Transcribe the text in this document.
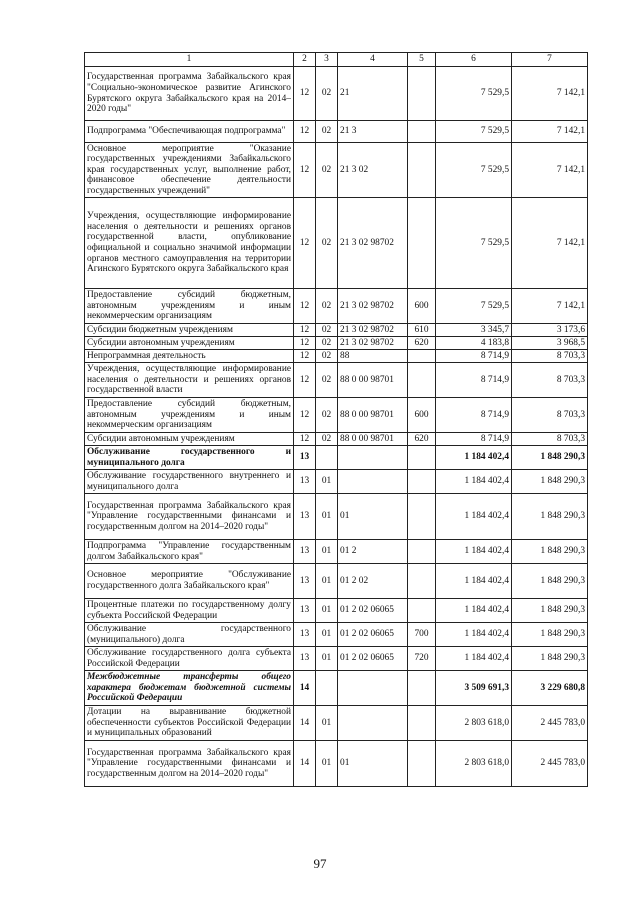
1	2	3	4	5	6	7
Государственная программа Забайкальского края "Социально-экономическое развитие Агинского Бурятского округа Забайкальского края на 2014–2020 годы"	12	02	21		7 529,5	7 142,1
Подпрограмма "Обеспечивающая подпрограмма"	12	02	21 3		7 529,5	7 142,1
Основное мероприятие "Оказание государственных учреждениями Забайкальского края государственных услуг, выполнение работ, финансовое обеспечение деятельности государственных учреждений"	12	02	21 3 02		7 529,5	7 142,1
Учреждения, осуществляющие информирование населения о деятельности и решениях органов государственной власти, опубликование официальной и социально значимой информации органов местного самоуправления на территории Агинского Бурятского округа Забайкальского края	12	02	21 3 02 98702		7 529,5	7 142,1
Предоставление субсидий бюджетным, автономным учреждениям и иным некоммерческим организациям	12	02	21 3 02 98702	600	7 529,5	7 142,1
Субсидии бюджетным учреждениям	12	02	21 3 02 98702	610	3 345,7	3 173,6
Субсидии автономным учреждениям	12	02	21 3 02 98702	620	4 183,8	3 968,5
Непрограммная деятельность	12	02	88		8 714,9	8 703,3
Учреждения, осуществляющие информирование населения о деятельности и решениях органов государственной власти	12	02	88 0 00 98701		8 714,9	8 703,3
Предоставление субсидий бюджетным, автономным учреждениям и иным некоммерческим организациям	12	02	88 0 00 98701	600	8 714,9	8 703,3
Субсидии автономным учреждениям	12	02	88 0 00 98701	620	8 714,9	8 703,3
Обслуживание государственного и муниципального долга	13				1 184 402,4	1 848 290,3
Обслуживание государственного внутреннего и муниципального долга	13	01			1 184 402,4	1 848 290,3
Государственная программа Забайкальского края "Управление государственными финансами и государственным долгом на 2014–2020 годы"	13	01	01		1 184 402,4	1 848 290,3
Подпрограмма "Управление государственным долгом Забайкальского края"	13	01	01 2		1 184 402,4	1 848 290,3
Основное мероприятие "Обслуживание государственного долга Забайкальского края"	13	01	01 2 02		1 184 402,4	1 848 290,3
Процентные платежи по государственному долгу субъекта Российской Федерации	13	01	01 2 02 06065		1 184 402,4	1 848 290,3
Обслуживание государственного (муниципального) долга	13	01	01 2 02 06065	700	1 184 402,4	1 848 290,3
Обслуживание государственного долга субъекта Российской Федерации	13	01	01 2 02 06065	720	1 184 402,4	1 848 290,3
Межбюджетные трансферты общего характера бюджетам бюджетной системы Российской Федерации	14				3 509 691,3	3 229 680,8
Дотации на выравнивание бюджетной обеспеченности субъектов Российской Федерации и муниципальных образований	14	01			2 803 618,0	2 445 783,0
Государственная программа Забайкальского края "Управление государственными финансами и государственным долгом на 2014–2020 годы"	14	01	01		2 803 618,0	2 445 783,0
97
